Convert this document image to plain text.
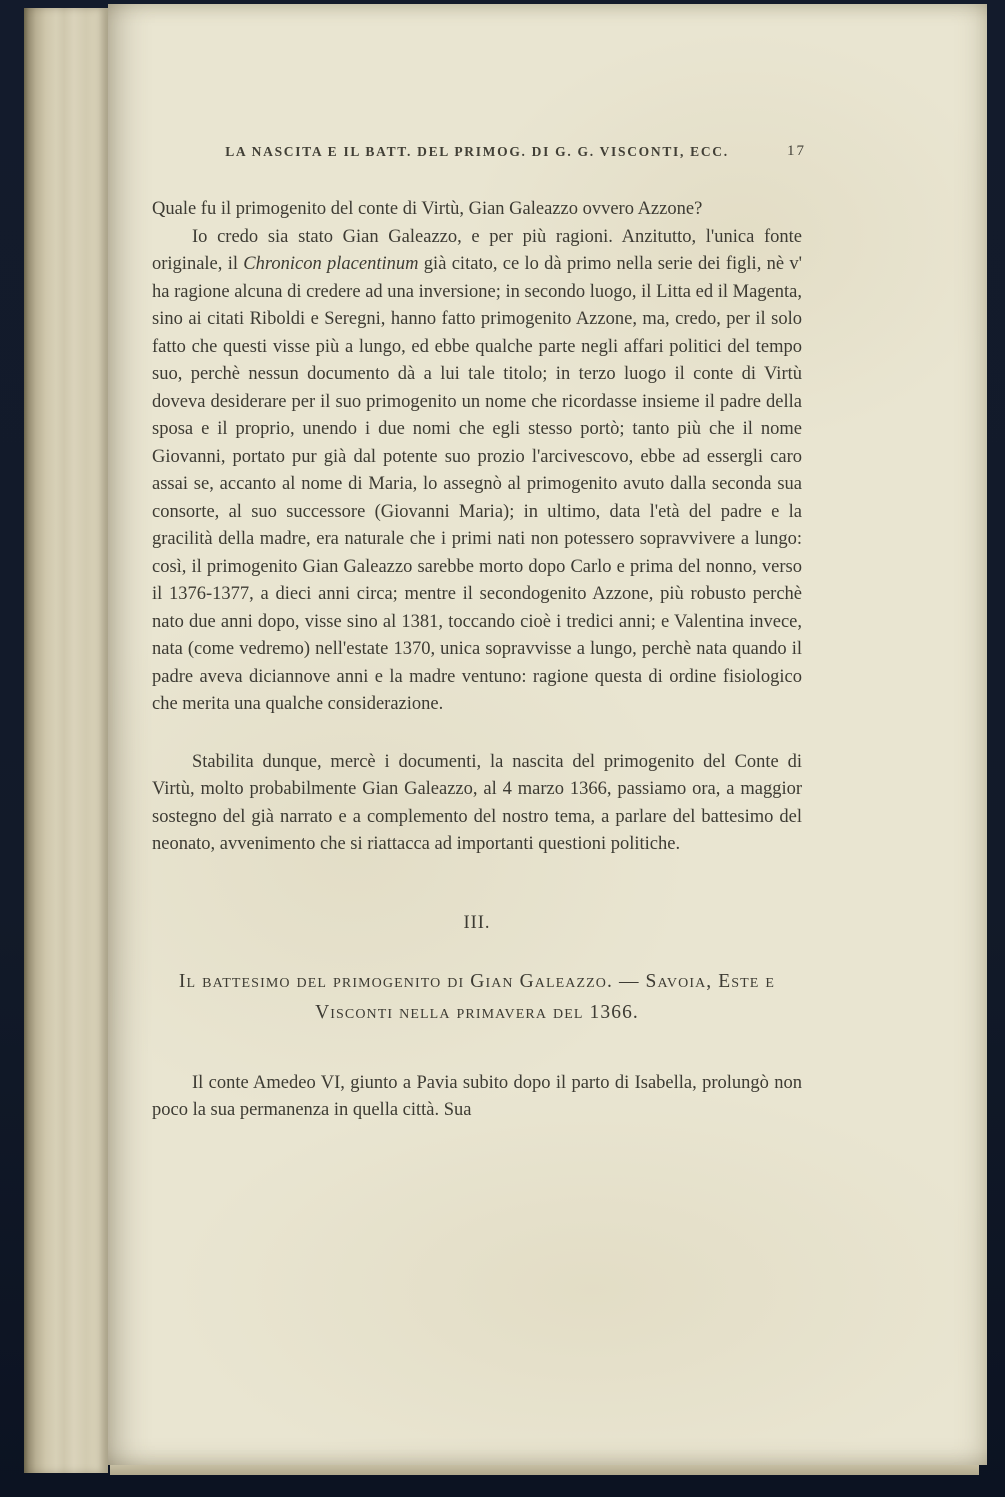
LA NASCITA E IL BATT. DEL PRIMOG. DI G. G. VISCONTI, ECC.	17

Quale fu il primogenito del conte di Virtù, Gian Galeazzo ovvero Azzone?

Io credo sia stato Gian Galeazzo, e per più ragioni. Anzitutto, l'unica fonte originale, il Chronicon placentinum già citato, ce lo dà primo nella serie dei figli, nè v' ha ragione alcuna di credere ad una inversione; in secondo luogo, il Litta ed il Magenta, sino ai citati Riboldi e Seregni, hanno fatto primogenito Azzone, ma, credo, per il solo fatto che questi visse più a lungo, ed ebbe qualche parte negli affari politici del tempo suo, perchè nessun documento dà a lui tale titolo; in terzo luogo il conte di Virtù doveva desiderare per il suo primogenito un nome che ricordasse insieme il padre della sposa e il proprio, unendo i due nomi che egli stesso portò; tanto più che il nome Giovanni, portato pur già dal potente suo prozio l'arcivescovo, ebbe ad essergli caro assai se, accanto al nome di Maria, lo assegnò al primogenito avuto dalla seconda sua consorte, al suo successore (Giovanni Maria); in ultimo, data l'età del padre e la gracilità della madre, era naturale che i primi nati non potessero sopravvivere a lungo: così, il primogenito Gian Galeazzo sarebbe morto dopo Carlo e prima del nonno, verso il 1376-1377, a dieci anni circa; mentre il secondogenito Azzone, più robusto perchè nato due anni dopo, visse sino al 1381, toccando cioè i tredici anni; e Valentina invece, nata (come vedremo) nell'estate 1370, unica sopravvisse a lungo, perchè nata quando il padre aveva diciannove anni e la madre ventuno: ragione questa di ordine fisiologico che merita una qualche considerazione.

Stabilita dunque, mercè i documenti, la nascita del primogenito del Conte di Virtù, molto probabilmente Gian Galeazzo, al 4 marzo 1366, passiamo ora, a maggior sostegno del già narrato e a complemento del nostro tema, a parlare del battesimo del neonato, avvenimento che si riattacca ad importanti questioni politiche.

III.
Il battesimo del primogenito di Gian Galeazzo. — Savoia, Este e Visconti nella primavera del 1366.

Il conte Amedeo VI, giunto a Pavia subito dopo il parto di Isabella, prolungò non poco la sua permanenza in quella città. Sua
